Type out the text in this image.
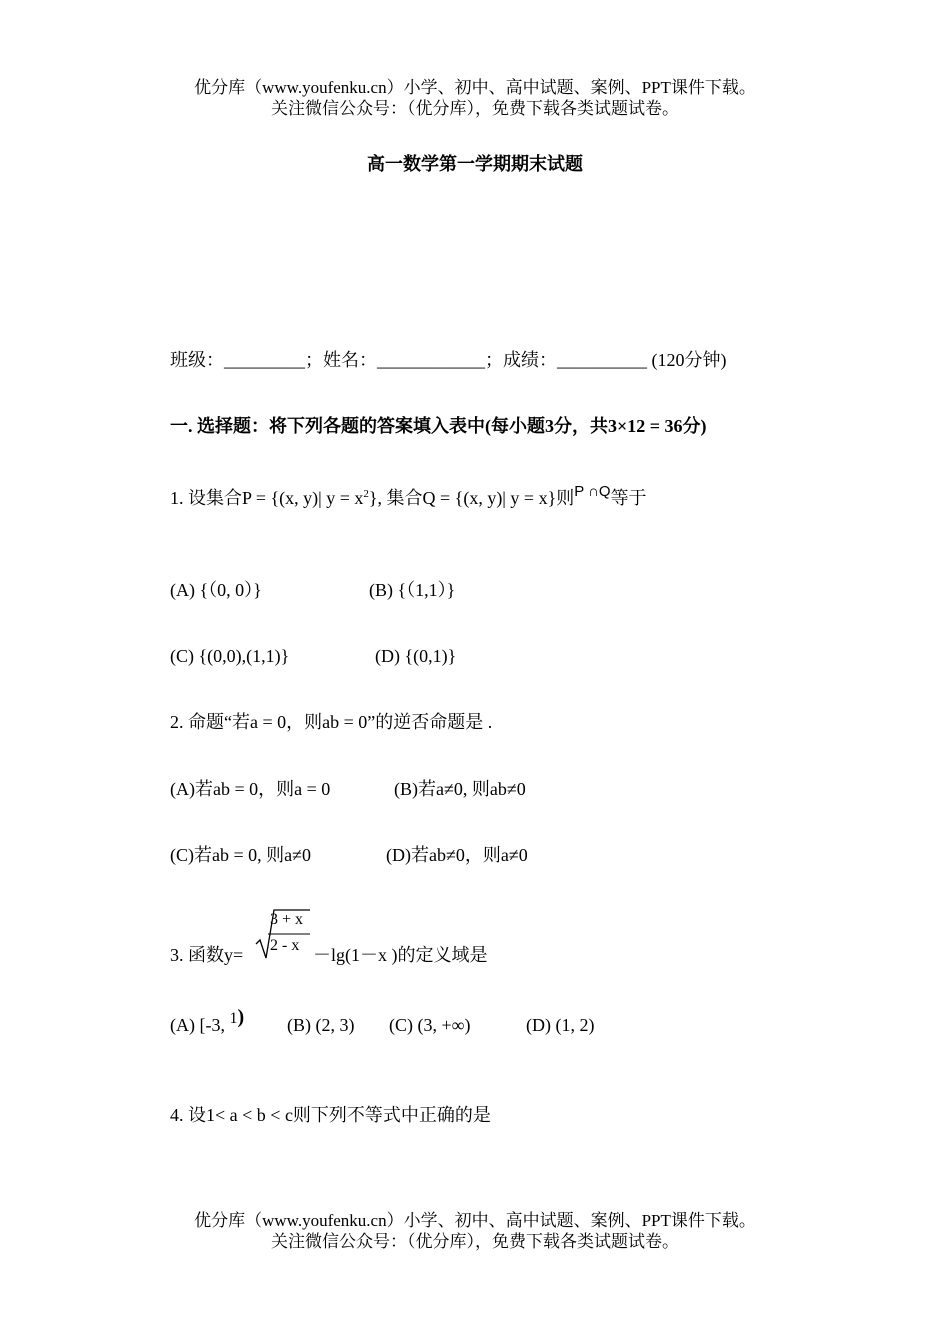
优分库（www.youfenku.cn）小学、初中、高中试题、案例、PPT课件下载。
关注微信公众号：（优分库），免费下载各类试题试卷。
高一数学第一学期期末试题
班级：_________；姓名：____________；成绩：__________ (120分钟)
一. 选择题：将下列各题的答案填入表中(每小题3分，共3×12 = 36分)
1. 设集合P = {(x, y)| $y = x^2$}, 集合Q = {(x, y)| y = x}则$^{P \cap Q}$等于
(A) {（0, 0）}	(B) {（1,1）}
(C) {(0,0),(1,1)}	(D) {(0,1)}
2. 命题“若a = 0，则ab = 0”的逆否命题是 .
(A)若ab = 0，则a = 0	(B)若a≠0, 则ab≠0
(C)若ab = 0, 则a≠0	(D)若ab≠0，则a≠0
3. 函数y=
3 + x
2 - x －lg(1－x )的定义域是
(A) [-3, 1) (B) (2, 3) (C) (3, +∞)	(D) (1, 2)
4. 设1< a < b < c则下列不等式中正确的是
优分库（www.youfenku.cn）小学、初中、高中试题、案例、PPT课件下载。
关注微信公众号：（优分库），免费下载各类试题试卷。
